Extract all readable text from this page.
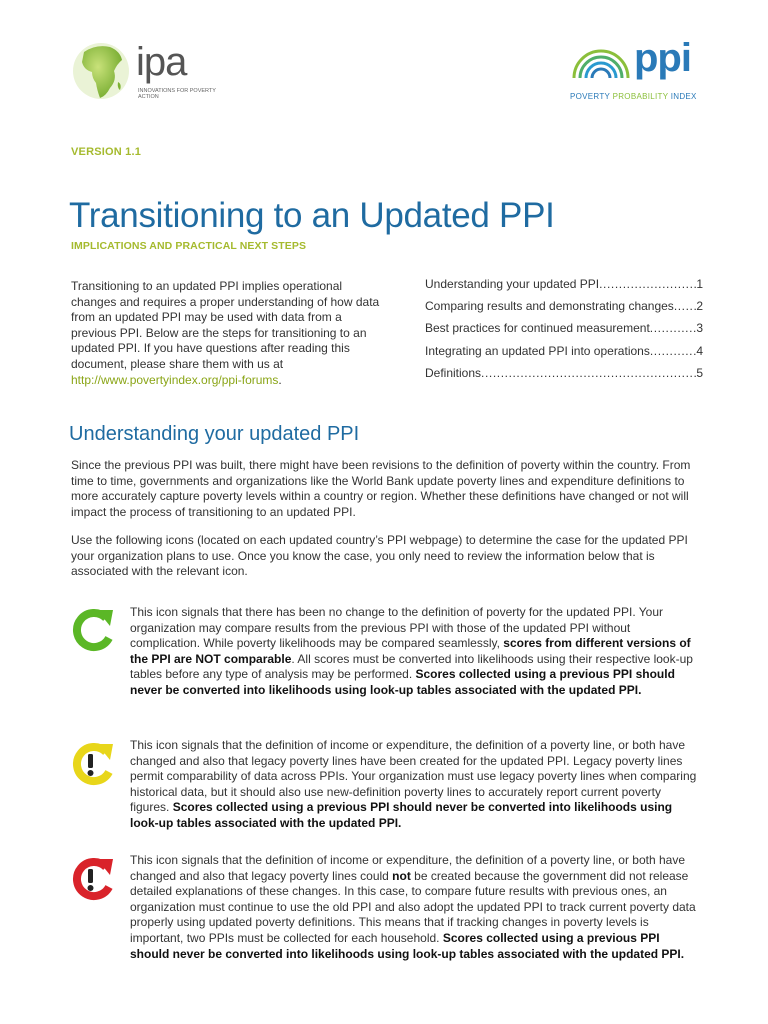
ipa
INNOVATIONS FOR POVERTY ACTION
ppi
POVERTY PROBABILITY INDEX
VERSION 1.1
Transitioning to an Updated PPI
IMPLICATIONS AND PRACTICAL NEXT STEPS
Transitioning to an updated PPI implies operational changes and requires a proper understanding of how data from an updated PPI may be used with data from a previous PPI. Below are the steps for transitioning to an updated PPI. If you have questions after reading this document, please share them with us at http://www.povertyindex.org/ppi-forums.
Understanding your updated PPI .....	1
Comparing results and demonstrating changes ..... 2
Best practices for continued measurement .....	3
Integrating an updated PPI into operations .....	4
Definitions .....	5
Understanding your updated PPI
Since the previous PPI was built, there might have been revisions to the definition of poverty within the country. From time to time, governments and organizations like the World Bank update poverty lines and expenditure definitions to more accurately capture poverty levels within a country or region. Whether these definitions have changed or not will impact the process of transitioning to an updated PPI.
Use the following icons (located on each updated country’s PPI webpage) to determine the case for the updated PPI your organization plans to use. Once you know the case, you only need to review the information below that is associated with the relevant icon.
This icon signals that there has been no change to the definition of poverty for the updated PPI. Your organization may compare results from the previous PPI with those of the updated PPI without complication. While poverty likelihoods may be compared seamlessly, scores from different versions of the PPI are NOT comparable. All scores must be converted into likelihoods using their respective look-up tables before any type of analysis may be performed. Scores collected using a previous PPI should never be converted into likelihoods using look-up tables associated with the updated PPI.
This icon signals that the definition of income or expenditure, the definition of a poverty line, or both have changed and also that legacy poverty lines have been created for the updated PPI. Legacy poverty lines permit comparability of data across PPIs. Your organization must use legacy poverty lines when comparing historical data, but it should also use new-definition poverty lines to accurately report current poverty figures. Scores collected using a previous PPI should never be converted into likelihoods using look-up tables associated with the updated PPI.
This icon signals that the definition of income or expenditure, the definition of a poverty line, or both have changed and also that legacy poverty lines could not be created because the government did not release detailed explanations of these changes. In this case, to compare future results with previous ones, an organization must continue to use the old PPI and also adopt the updated PPI to track current poverty data properly using updated poverty definitions. This means that if tracking changes in poverty levels is important, two PPIs must be collected for each household. Scores collected using a previous PPI should never be converted into likelihoods using look-up tables associated with the updated PPI.
